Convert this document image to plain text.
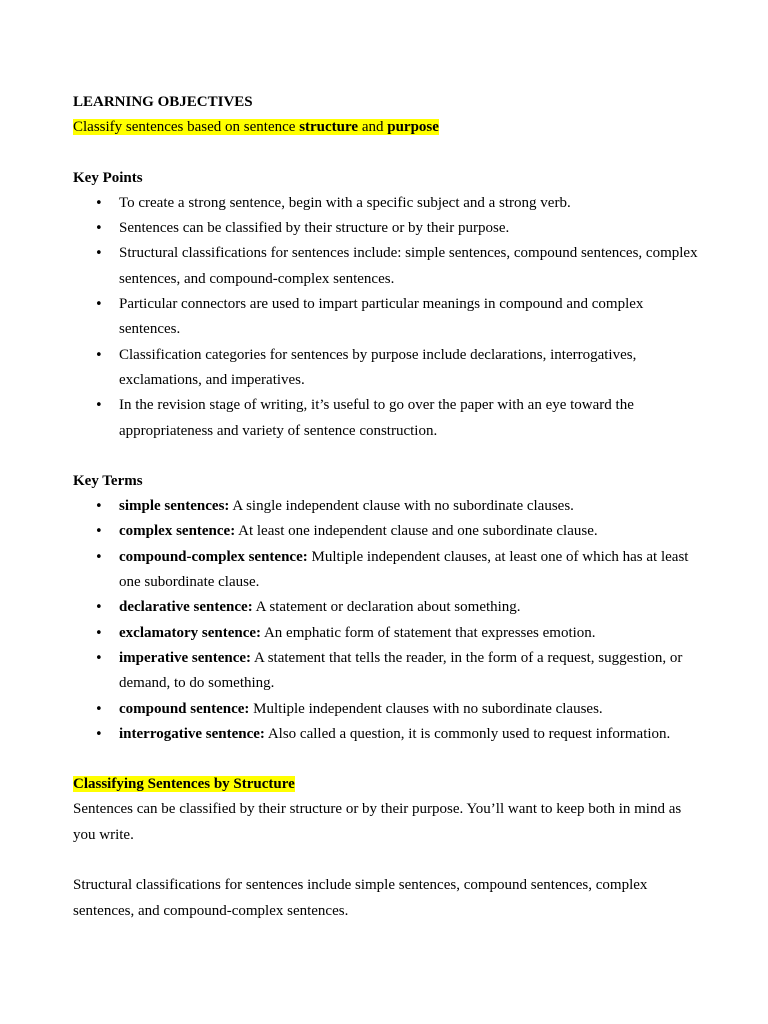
LEARNING OBJECTIVES
Classify sentences based on sentence structure and purpose
Key Points
• To create a strong sentence, begin with a specific subject and a strong verb.
• Sentences can be classified by their structure or by their purpose.
• Structural classifications for sentences include: simple sentences, compound sentences, complex sentences, and compound-complex sentences.
• Particular connectors are used to impart particular meanings in compound and complex sentences.
• Classification categories for sentences by purpose include declarations, interrogatives, exclamations, and imperatives.
• In the revision stage of writing, it’s useful to go over the paper with an eye toward the appropriateness and variety of sentence construction.
Key Terms
• simple sentences: A single independent clause with no subordinate clauses.
• complex sentence: At least one independent clause and one subordinate clause.
• compound-complex sentence: Multiple independent clauses, at least one of which has at least one subordinate clause.
• declarative sentence: A statement or declaration about something.
• exclamatory sentence: An emphatic form of statement that expresses emotion.
• imperative sentence: A statement that tells the reader, in the form of a request, suggestion, or demand, to do something.
• compound sentence: Multiple independent clauses with no subordinate clauses.
• interrogative sentence: Also called a question, it is commonly used to request information.
Classifying Sentences by Structure

Sentences can be classified by their structure or by their purpose. You’ll want to keep both in mind as you write.

Structural classifications for sentences include simple sentences, compound sentences, complex sentences, and compound-complex sentences.
